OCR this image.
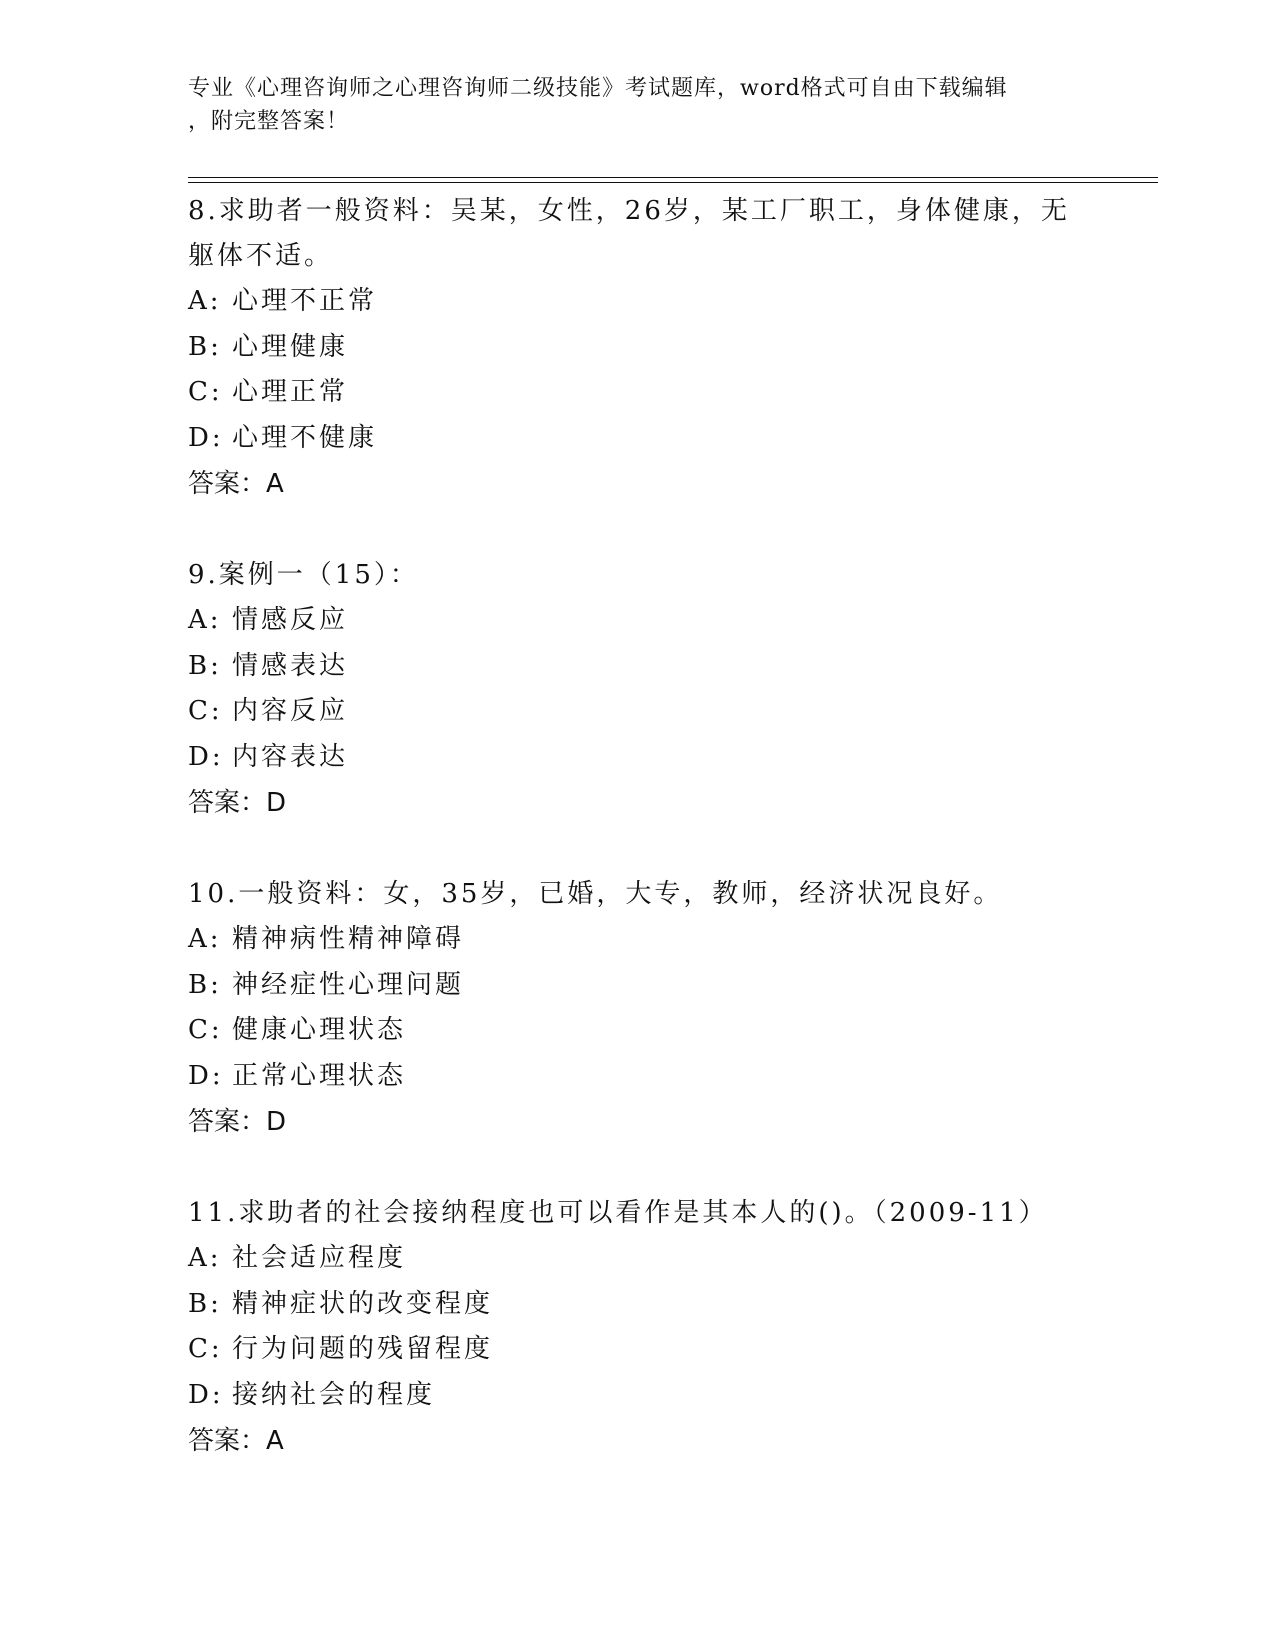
专业《心理咨询师之心理咨询师二级技能》考试题库，word格式可自由下载编辑
，附完整答案！
8.求助者一般资料：吴某，女性，26岁，某工厂职工，身体健康，无
躯体不适。
A: 心理不正常
B: 心理健康
C: 心理正常
D: 心理不健康
答案：A
9.案例一（15）：
A: 情感反应
B: 情感表达
C: 内容反应
D: 内容表达
答案：D
10.一般资料：女，35岁，已婚，大专，教师，经济状况良好。
A: 精神病性精神障碍
B: 神经症性心理问题
C: 健康心理状态
D: 正常心理状态
答案：D
11.求助者的社会接纳程度也可以看作是其本人的()。（2009-11）
A: 社会适应程度
B: 精神症状的改变程度
C: 行为问题的残留程度
D: 接纳社会的程度
答案：A
